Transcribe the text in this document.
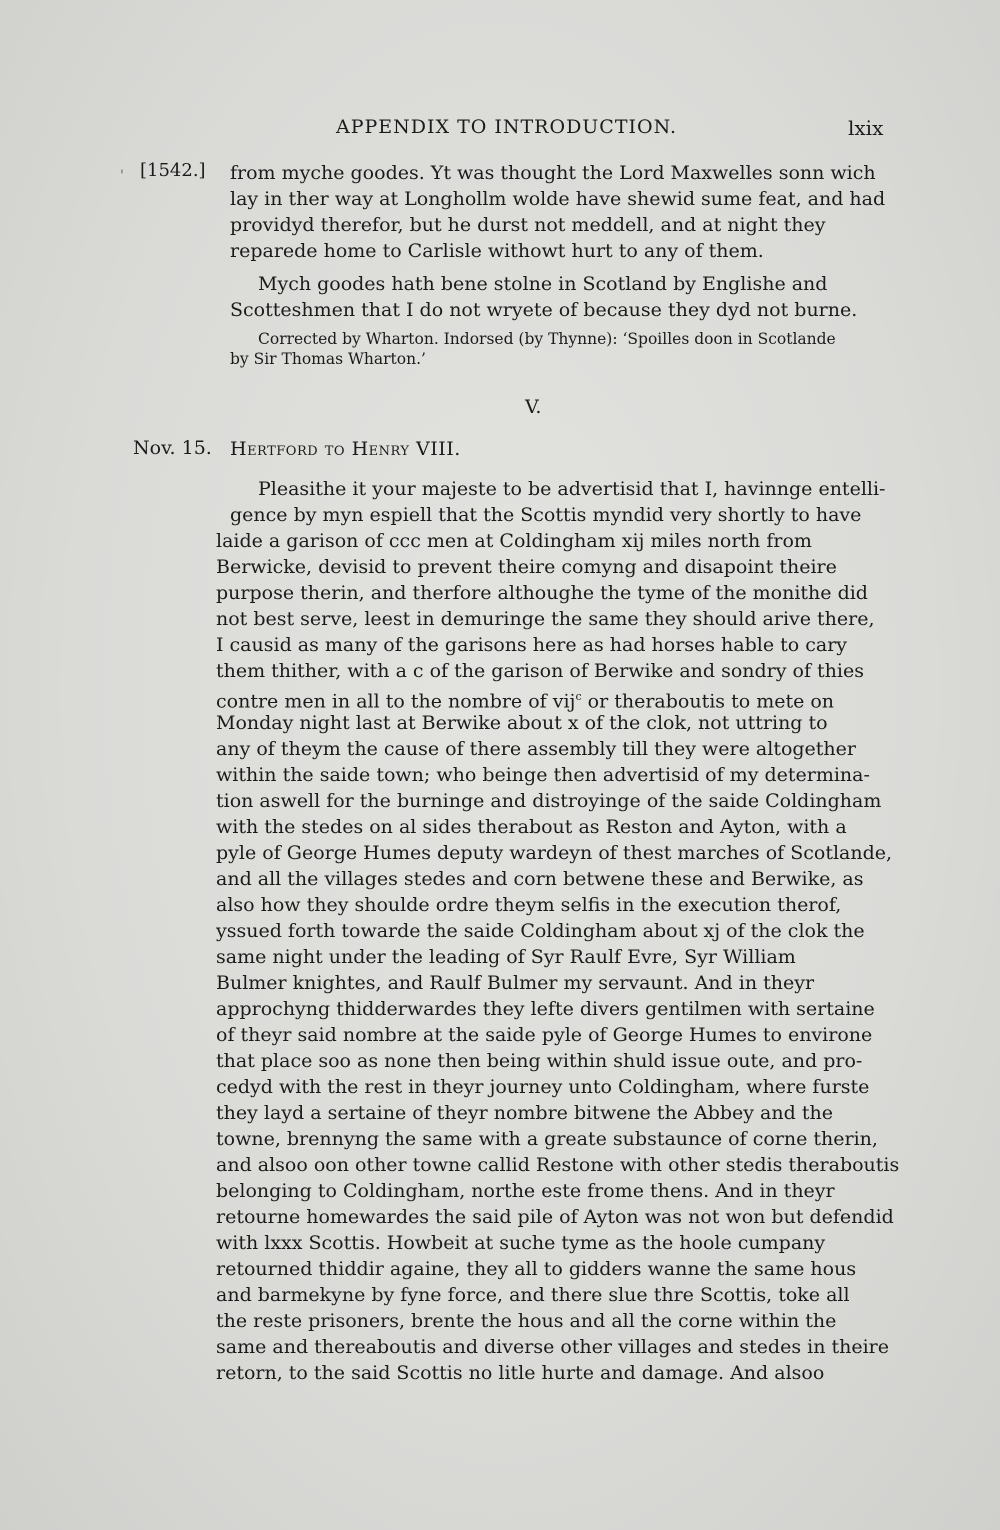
APPENDIX TO INTRODUCTION.	lxix
' [1542.] from myche goodes. Yt was thought the Lord Maxwelles sonn wich
lay in ther way at Longhollm wolde have shewid sume feat, and had
providyd therefor, but he durst not meddell, and at night they
reparede home to Carlisle withowt hurt to any of them.
Mych goodes hath bene stolne in Scotland by Englishe and
Scotteshmen that I do not wryete of because they dyd not burne.
Corrected by Wharton. Indorsed (by Thynne): ‘Spoilles doon in Scotlande
by Sir Thomas Wharton.’
V.
Nov. 15. Hertford to Henry VIII.
Pleasithe it your majeste to be advertisid that I, havinnge entelli-
gence by myn espiell that the Scottis myndid very shortly to have
laide a garison of ccc men at Coldingham xij miles north from
Berwicke, devisid to prevent theire comyng and disapoint theire
purpose therin, and therfore althoughe the tyme of the monithe did
not best serve, leest in demuringe the same they should arive there,
I causid as many of the garisons here as had horses hable to cary
them thither, with a c of the garison of Berwike and sondry of thies
contre men in all to the nombre of vij$^c$ or theraboutis to mete on
Monday night last at Berwike about x of the clok, not uttring to
any of theym the cause of there assembly till they were altogether
within the saide town; who beinge then advertisid of my determina-
tion aswell for the burninge and distroyinge of the saide Coldingham
with the stedes on al sides therabout as Reston and Ayton, with a
pyle of George Humes deputy wardeyn of thest marches of Scotlande,
and all the villages stedes and corn betwene these and Berwike, as
also how they shoulde ordre theym selfis in the execution therof,
yssued forth towarde the saide Coldingham about xj of the clok the
same night under the leading of Syr Raulf Evre, Syr William
Bulmer knightes, and Raulf Bulmer my servaunt. And in theyr
approchyng thidderwardes they lefte divers gentilmen with sertaine
of theyr said nombre at the saide pyle of George Humes to environe
that place soo as none then being within shuld issue oute, and pro-
cedyd with the rest in theyr journey unto Coldingham, where furste
they layd a sertaine of theyr nombre bitwene the Abbey and the
towne, brennyng the same with a greate substaunce of corne therin,
and alsoo oon other towne callid Restone with other stedis theraboutis
belonging to Coldingham, northe este frome thens. And in theyr
retourne homewardes the said pile of Ayton was not won but defendid
with lxxx Scottis. Howbeit at suche tyme as the hoole cumpany
retourned thiddir againe, they all to gidders wanne the same hous
and barmekyne by fyne force, and there slue thre Scottis, toke all
the reste prisoners, brente the hous and all the corne within the
same and thereaboutis and diverse other villages and stedes in theire
retorn, to the said Scottis no litle hurte and damage. And alsoo
